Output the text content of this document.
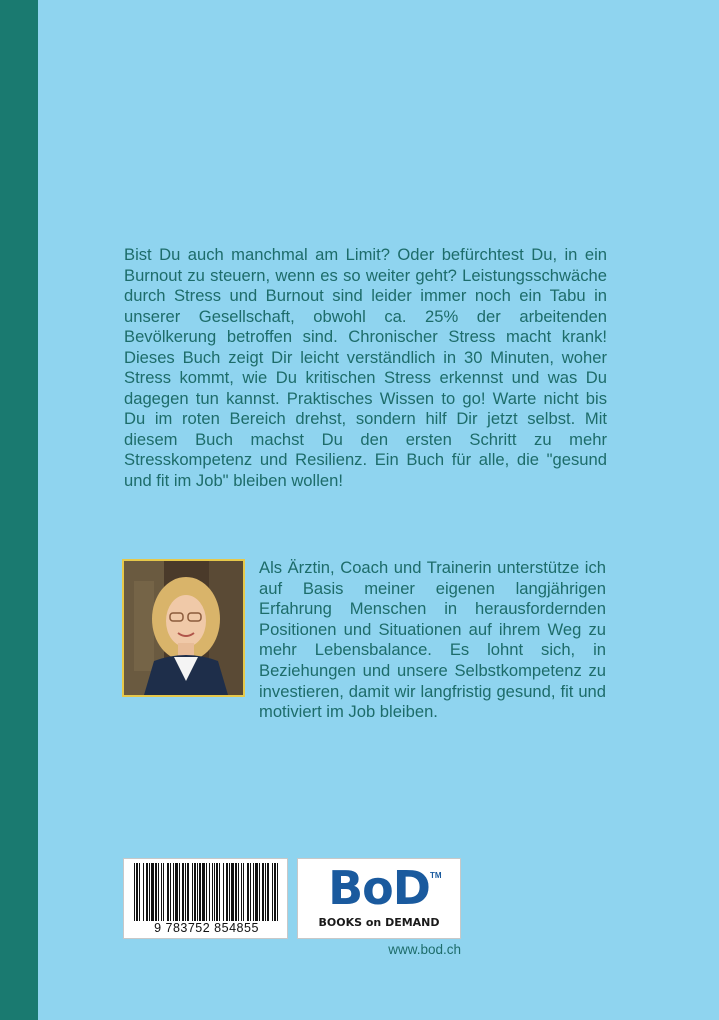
Bist Du auch manchmal am Limit? Oder befürchtest Du, in ein Burnout zu steuern, wenn es so weiter geht? Leistungsschwäche durch Stress und Burnout sind leider immer noch ein Tabu in unserer Gesellschaft, obwohl ca. 25% der arbeitenden Bevölkerung betroffen sind. Chronischer Stress macht krank! Dieses Buch zeigt Dir leicht verständlich in 30 Minuten, woher Stress kommt, wie Du kritischen Stress erkennst und was Du dagegen tun kannst. Praktisches Wissen to go! Warte nicht bis Du im roten Bereich drehst, sondern hilf Dir jetzt selbst. Mit diesem Buch machst Du den ersten Schritt zu mehr Stresskompetenz und Resilienz. Ein Buch für alle, die "gesund und fit im Job" bleiben wollen!

Als Ärztin, Coach und Trainerin unterstütze ich auf Basis meiner eigenen langjährigen Erfahrung Menschen in herausfordernden Positionen und Situationen auf ihrem Weg zu mehr Lebensbalance. Es lohnt sich, in Beziehungen und unsere Selbstkompetenz zu investieren, damit wir langfristig gesund, fit und motiviert im Job bleiben.

9 783752 854855
BoD TM
BOOKS on DEMAND
www.bod.ch
